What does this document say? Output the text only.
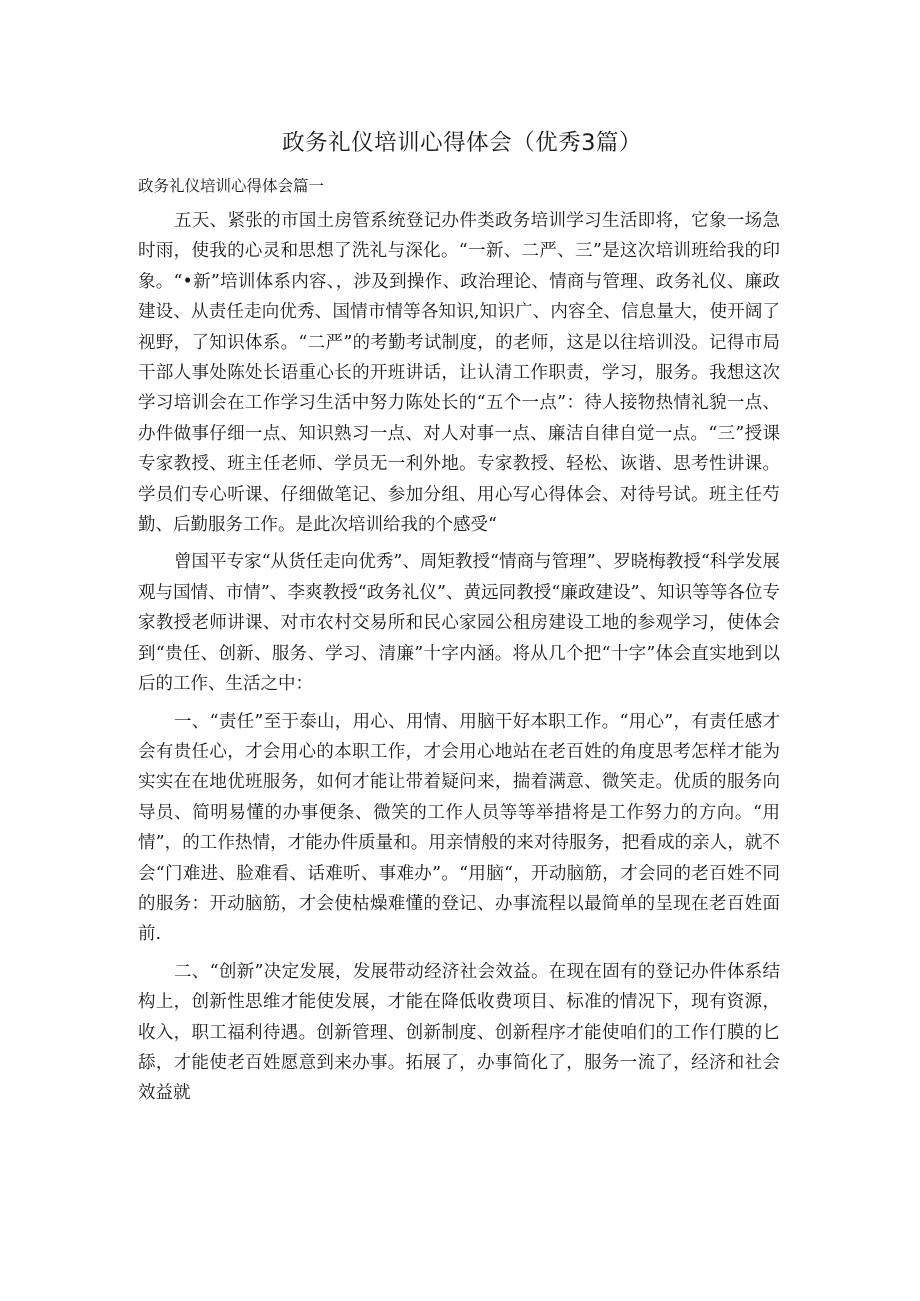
政务礼仪培训心得体会（优秀3篇）
政务礼仪培训心得体会篇一

五天、紧张的市国土房管系统登记办件类政务培训学习生活即将，它象一场急时雨，使我的心灵和思想了洗礼与深化。“一新、二严、三”是这次培训班给我的印象。“•新”培训体系内容、，涉及到操作、政治理论、情商与管理、政务礼仪、廉政建设、从责任走向优秀、国情市情等各知识,知识广、内容全、信息量大，使开阔了视野，了知识体系。“二严”的考勤考试制度，的老师，这是以往培训没。记得市局干部人事处陈处长语重心长的开班讲话，让认清工作职责，学习，服务。我想这次学习培训会在工作学习生活中努力陈处长的“五个一点”：待人接物热情礼貌一点、办件做事仔细一点、知识熟习一点、对人对事一点、廉洁自律自觉一点。“三”授课专家教授、班主任老师、学员无一利外地。专家教授、轻松、诙谐、思考性讲课。学员们专心听课、仔细做笔记、参加分组、用心写心得体会、对待号试。班主任芍勤、后勤服务工作。是此次培训给我的个感受“

曾国平专家“从货任走向优秀”、周矩教授“情商与管理”、罗晓梅教授“科学发展观与国情、市情”、李爽教授“政务礼仪”、黄远同教授“廉政建设”、知识等等各位专家教授老师讲课、对市农村交易所和民心家园公租房建设工地的参观学习，使体会到“贵任、创新、服务、学习、清廉”十字内涵。将从几个把“十字”体会直实地到以后的工作、生活之中：

一、“责任”至于泰山，用心、用情、用脑干好本职工作。“用心”，有责任感才会有贵任心，才会用心的本职工作，才会用心地站在老百姓的角度思考怎样才能为实实在在地优班服务，如何才能让带着疑问来，揣着满意、微笑走。优质的服务向导员、简明易懂的办事便条、微笑的工作人员等等举措将是工作努力的方向。“用情”，的工作热情，才能办件质量和。用亲情般的来对待服务，把看成的亲人，就不会“门难进、脸难看、话难听、事难办”。“用脑“，开动脑筋，才会同的老百姓不同的服务：开动脑筋，才会使枯燥难懂的登记、办事流程以最简单的呈现在老百姓面前.

二、“创新”决定发展，发展带动经济社会效益。在现在固有的登记办件体系结构上，创新性思维才能使发展，才能在降低收费项目、标准的情况下，现有资源，收入，职工福利待遇。创新管理、创新制度、创新程序才能使咱们的工作仃膜的匕舔，才能使老百姓愿意到来办事。拓展了，办事简化了，服务一流了，经济和社会效益就
